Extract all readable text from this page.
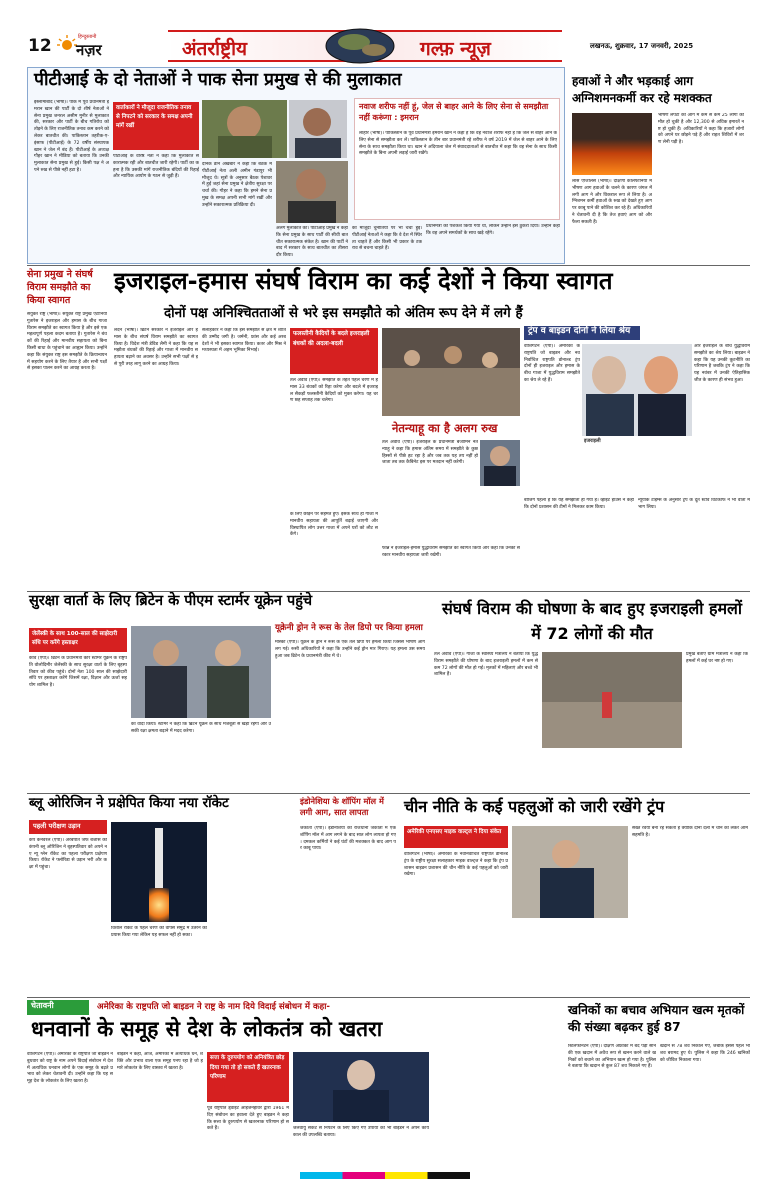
12	हिन्दुस्तानी
नज़र	अंतर्राष्ट्रीय	गल्फ़ न्यूज़	लखनऊ, शुक्रवार, 17 जनवरी, 2025
पीटीआई के दो नेताओं ने पाक सेना प्रमुख से की मुलाकात
इस्लामाबाद (भाषा)। पाक में पूर्व प्रधानमंत्री इमरान खान की पार्टी के दो शीर्ष नेताओं ने सेना प्रमुख जनरल असीम मुनीर से मुलाकात की, सरकार और पार्टी के बीच गतिरोध को तोड़ने के लिए राजनीतिक तनाव कम करने को लेकर बातचीत की। पाकिस्तान तहरीक-ए-इंसाफ (पीटीआई) के 72 वर्षीय संस्थापक खान ने जेल में बंद हैं। पीटीआई के अध्यक्ष गौहर खान ने मीडिया को बताया कि उनकी मुलाकात सेना प्रमुख से हुई। किसी पक्ष ने अपने रुख से पीछे नहीं हटा है।
वार्ताकारों ने मौजूदा राजनीतिक तनाव से निपटने को सरकार के समक्ष अपनी मांगें रखीं
पीटीआई के वरिष्ठ नेता ने कहा कि मुलाकात सकारात्मक रही और बातचीत जारी रहेगी। पार्टी का कहना है कि उसकी मांगें राजनीतिक बंदियों की रिहाई और न्यायिक आयोग के गठन से जुड़ी हैं।
दैनिक डॉन अखबार ने कहा कि बैठक में पीटीआई नेता अली अमीन गंडापुर भी मौजूद थे। सूत्रों के अनुसार बैठक पेशावर में हुई जहां सेना प्रमुख ने क्षेत्रीय सुरक्षा पर चर्चा की। गौहर ने कहा कि हमने सेना प्रमुख के समक्ष अपनी सभी मांगें रखीं और उन्होंने सकारात्मक प्रतिक्रिया दी।
अलग मुलाकात की। पीटीआई प्रमुख ने कहा कि सेना प्रमुख के साथ पार्टी की सीधी बातचीत सकारात्मक संकेत है। खान की पार्टी ने बाद में सरकार के साथ बातचीत का तीसरा दौर किया।
की मौजूदा चुनौतियों पर भी चर्चा हुई। पीटीआई नेताओं ने कहा कि वे देश में स्थिरता चाहते हैं और किसी भी प्रकार के टकराव से बचना चाहते हैं।
नवाज शरीफ नहीं हूं, जेल से बाहर आने के लिए सेना से समझौता नहीं करूंगा : इमरान
लाहौर (भाषा)। पाकिस्तान के पूर्व प्रधानमंत्री इमरान खान ने कहा है कि वह नवाज शरीफ नहीं हैं कि जेल से बाहर आने के लिए सेना से समझौता कर लें। पाकिस्तान के तीन बार प्रधानमंत्री रहे शरीफ ने वर्ष 2019 में जेल से बाहर आने के लिए सेना के साथ समझौता किया था। खान ने अदियाला जेल में संवाददाताओं से बातचीत में कहा कि वह सेना के साथ किसी समझौते के बिना अपनी लड़ाई जारी रखेंगे।
प्रधानमंत्री को पेशकश किया गया था, लेकिन उन्होंने इसे ठुकरा दिया। उन्होंने कहा कि वह अपने समर्थकों के साथ खड़े रहेंगे।
हवाओं ने और भड़काई आग अग्निशमनकर्मी कर रहे मशक्कत
लॉस एंजिलिस (भाषा)। दक्षिणी कैलिफोर्निया में भीषण आग हवाओं के चलने के कारण जंगल में लगी आग ने और विकराल रूप ले लिया है। अग्निशमन कर्मी हवाओं के रुख को देखते हुए आग पर काबू पाने की कोशिश कर रहे हैं। अधिकारियों ने चेतावनी दी है कि तेज हवाएं आग को और फैला सकती हैं।
भीषण लपटों की आग में कम से कम 25 लोगों की मौत हो चुकी है और 12,300 से अधिक इमारतें नष्ट हो चुकी हैं। अधिकारियों ने कहा कि हजारों लोगों को अपने घर छोड़ने पड़े हैं और राहत शिविरों में शरण लेनी पड़ी है।
सेना प्रमुख ने संघर्ष विराम समझौते का किया स्वागत
संयुक्त राष्ट्र (भाषा)। संयुक्त राष्ट्र प्रमुख एंटोनियो गुतारेस ने इजराइल और हमास के बीच गाजा विराम समझौते का स्वागत किया है और इसे एक महत्वपूर्ण पहला कदम बताया है। गुतारेस ने बंधकों की रिहाई और मानवीय सहायता को बिना किसी बाधा के पहुंचाने का आह्वान किया। उन्होंने कहा कि संयुक्त राष्ट्र इस समझौते के क्रियान्वयन में सहयोग करने के लिए तैयार है और सभी पक्षों से इसका पालन करने का आग्रह करता है।
इजराइल-हमास संघर्ष विराम का कई देशों ने किया स्वागत
दोनों पक्ष अनिश्चितताओं से भरे इस समझौते को अंतिम रूप देने में लगे हैं
लंदन (भाषा)। ब्रिटेन सरकार ने इजराइल और हमास के बीच संघर्ष विराम समझौते का स्वागत किया है। विदेश मंत्री डेविड लैमी ने कहा कि यह समझौता बंधकों की रिहाई और गाजा में मानवीय सहायता बढ़ाने का अवसर है। उन्होंने सभी पक्षों से इसे पूरी तरह लागू करने का आग्रह किया।
सलाहकार ने कहा कि इस समझौते से क्षेत्र में शांति की उम्मीद जगी है। जर्मनी, फ्रांस और कई अरब देशों ने भी इसका स्वागत किया। कतर और मिस्र ने मध्यस्थता में अहम भूमिका निभाई।
फलस्तीनी कैदियों के बदले इजराइली बंधकों की अदला-बदली
तेल अवीव (एपी)। समझौते के तहत पहले चरण में हमास 33 बंधकों को रिहा करेगा और बदले में इजराइल सैकड़ों फलस्तीनी कैदियों को मुक्त करेगा। यह चरण छह सप्ताह तक चलेगा।
के लिए छोड़ने पर सहमत हुए। इसके साथ ही गाजा में मानवीय सहायता की आपूर्ति बढ़ाई जाएगी और विस्थापित लोग उत्तर गाजा में अपने घरों को लौट सकेंगे।
नेतन्याहू का है अलग रुख
तेल अवीव (एपी)। इजराइल के प्रधानमंत्री बेंजामिन नेतन्याहू ने कहा कि हमास अंतिम समय में समझौते के कुछ हिस्सों से पीछे हट रहा है और जब तक यह तय नहीं हो जाता तब तक कैबिनेट इस पर मतदान नहीं करेगी।
फीन्ने ने इजराइल-हमास युद्धविराम समझौते का स्वागत किया और कहा कि उनकी सरकार मानवीय सहायता जारी रखेगी।
ट्रंप व बाइडन दोनों ने लिया श्रेय
वाशिंगटन (एपी)। अमेरिका के राष्ट्रपति जो बाइडन और नवनिर्वाचित राष्ट्रपति डोनाल्ड ट्रंप दोनों ही इजराइल और हमास के बीच गाजा में युद्धविराम समझौते का श्रेय ले रहे हैं।
इजराइली
और इजराइल के बीच युद्धविराम समझौते का श्रेय लिया। बाइडन ने कहा कि यह उनकी कूटनीति का परिणाम है जबकि ट्रंप ने कहा कि यह नवंबर में उनकी ऐतिहासिक जीत के कारण ही संभव हुआ।
बीजिंग पहला है कि यह समझौता हो गया है। व्हाइट हाउस ने कहा कि दोनों प्रशासन की टीमों ने मिलकर काम किया।
न्यूयॉर्क टाइम्स के अनुसार ट्रंप के दूत स्टीव विटकॉफ ने भी वार्ता में भाग लिया।
सुरक्षा वार्ता के लिए ब्रिटेन के पीएम स्टार्मर यूक्रेन पहुंचे
जेलेंस्की के साथ 100-साल की साझेदारी संधि पर करेंगे हस्ताक्षर
कीव (एपी)। ब्रिटेन के प्रधानमंत्री कीर स्टार्मर यूक्रेन के राष्ट्रपति वोलोदिमीर जेलेंस्की के साथ सुरक्षा वार्ता के लिए बृहस्पतिवार को कीव पहुंचे। दोनों नेता 100 साल की साझेदारी संधि पर हस्ताक्षर करेंगे जिसमें रक्षा, विज्ञान और ऊर्जा सहयोग शामिल है।
का वादा किया। स्टार्मर ने कहा कि ब्रिटेन यूक्रेन के साथ मजबूती से खड़ा रहेगा और उसकी रक्षा क्षमता बढ़ाने में मदद करेगा।
यूक्रेनी ड्रोन ने रूस के तेल डिपो पर किया हमला
मास्को (एपी)। यूक्रेन के ड्रोन ने रूस के एक तेल डिपो पर हमला किया जिससे भीषण आग लग गई। रूसी अधिकारियों ने कहा कि उन्होंने कई ड्रोन मार गिराए। यह हमला उस समय हुआ जब ब्रिटेन के प्रधानमंत्री कीव में थे।
संघर्ष विराम की घोषणा के बाद हुए इजराइली हमलों में 72 लोगों की मौत
तेल अवीव (एपी)। गाजा के स्वास्थ्य मंत्रालय ने बताया कि युद्धविराम समझौते की घोषणा के बाद इजराइली हमलों में कम से कम 72 लोगों की मौत हो गई। मृतकों में महिलाएं और बच्चे भी शामिल हैं।
प्रमुख बताएं ग्राम मंत्रालय ने कहा कि हमलों में कई घर नष्ट हो गए।
ब्लू ओरिजिन ने प्रक्षेपित किया नया रॉकेट
पहली परीक्षण उड़ान
केप केनेवरल (एपी)। अरबपति जेफ बेजोस की कंपनी ब्लू ओरिजिन ने बृहस्पतिवार को अपने नए न्यू ग्लेन रॉकेट का पहला परीक्षण प्रक्षेपण किया। रॉकेट ने फ्लोरिडा से उड़ान भरी और कक्षा में पहुंचा।
विशाल रॉकेट के पहले चरण को वापस समुद्र में उतरने का प्रयास किया गया लेकिन यह सफल नहीं हो सका।
इंडोनेशिया के शॉपिंग मॉल में लगी आग, सात लापता
जकार्ता (एपी)। इंडोनेशिया की राजधानी जकार्ता में एक शॉपिंग मॉल में आग लगने के बाद सात लोग लापता हो गए। दमकल कर्मियों ने कई घंटों की मशक्कत के बाद आग पर काबू पाया।
चीन नीति के कई पहलुओं को जारी रखेंगे ट्रंप
अमेरिकी एनएसए माइक वाल्ट्ज ने दिया संकेत
वाशिंगटन (भाषा)। अमेरिका के नवनिर्वाचित राष्ट्रपति डोनाल्ड ट्रंप के राष्ट्रीय सुरक्षा सलाहकार माइक वाल्ट्ज ने कहा कि ट्रंप प्रशासन बाइडन प्रशासन की चीन नीति के कई पहलुओं को जारी रखेगा।
सख्त रवैया बना रह सकता है क्योंकि दोनों दलों में चीन को लेकर आम सहमति है।
चेतावनी	अमेरिका के राष्ट्रपति जो बाइडन ने राष्ट्र के नाम दिये विदाई संबोधन में कहा-
धनवानों के समूह से देश के लोकतंत्र को खतरा
वाशिंगटन (एपी)। अमेरिका के राष्ट्रपति जो बाइडन ने बुधवार को राष्ट्र के नाम अपने विदाई संबोधन में देश में अत्यधिक धनवान लोगों के एक समूह के बढ़ते प्रभाव को लेकर चेतावनी दी। उन्होंने कहा कि यह समूह देश के लोकतंत्र के लिए खतरा है।
बाइडन ने कहा, आज, अमेरिका में अत्यधिक धन, शक्ति और प्रभाव वाला एक समूह पनप रहा है जो हमारे लोकतंत्र के लिए वास्तव में खतरा है।
सत्ता के दुरुपयोग को अनियंत्रित छोड़ दिया गया तो हो सकते हैं खतरनाक परिणाम
पूर्व राष्ट्रपति ड्वाइट आइजनहावर द्वारा 1961 में दिए संबोधन का हवाला देते हुए बाइडन ने कहा कि सत्ता के दुरुपयोग से खतरनाक परिणाम हो सकते हैं।	जलवायु संकट से निपटने के लिए किए गए उपायों को भी बाइडन ने अपने कार्यकाल की उपलब्धि बताया।
खनिकों का बचाव अभियान खत्म मृतकों की संख्या बढ़कर हुई 87
स्टिलफोनटेन (एपी)। दक्षिण अफ्रीका में बंद पड़ी सोने की एक खदान में अवैध रूप से खनन करने वाले खनिकों को बचाने का अभियान खत्म हो गया है। पुलिस ने बताया कि खदान से कुल 87 शव निकाले गए हैं।
खदान से 78 शव निकाले गए, जबकि इससे पहले भी शव बरामद हुए थे। पुलिस ने कहा कि 246 खनिकों को जीवित निकाला गया।
